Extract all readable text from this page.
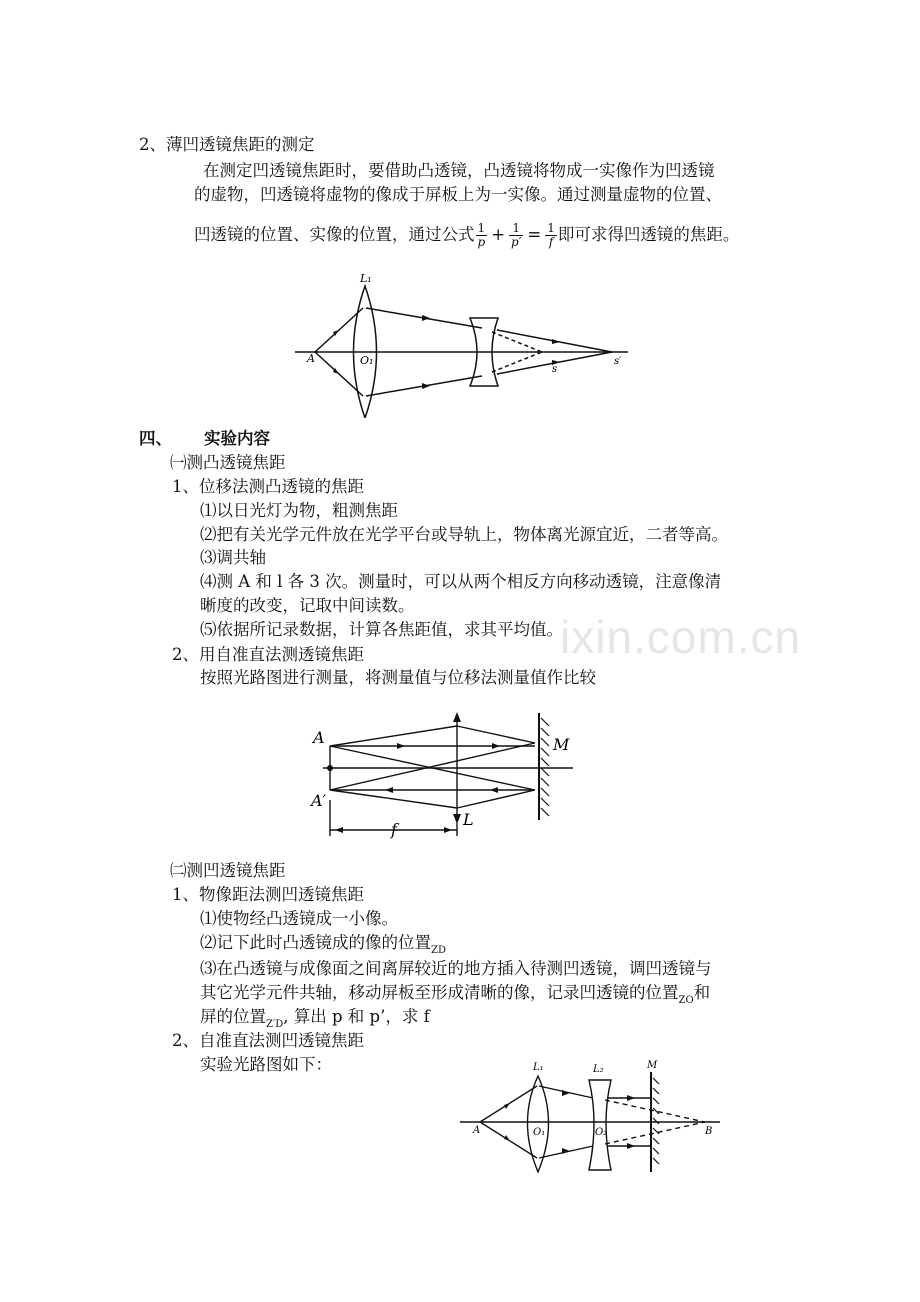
ixin.com.cn
2、薄凹透镜焦距的测定
在测定凹透镜焦距时，要借助凸透镜，凸透镜将物成一实像作为凹透镜
的虚物，凹透镜将虚物的像成于屏板上为一实像。通过测量虚物的位置、
凹透镜的位置、实像的位置，通过公式 $\frac{1}{p} + \frac{1}{p'} = \frac{1}{f}$ 即可求得凹透镜的焦距。
L₁
O₁
A
s
s′
四、 实验内容
㈠测凸透镜焦距
1、位移法测凸透镜的焦距
⑴以日光灯为物，粗测焦距
⑵把有关光学元件放在光学平台或导轨上，物体离光源宜近，二者等高。
⑶调共轴
⑷测 A 和 l 各 3 次。测量时，可以从两个相反方向移动透镜，注意像清
晰度的改变，记取中间读数。
⑸依据所记录数据，计算各焦距值，求其平均值。
2、用自准直法测透镜焦距
按照光路图进行测量，将测量值与位移法测量值作比较
A
A′
M
L
f
㈡测凹透镜焦距
1、物像距法测凹透镜焦距
⑴使物经凸透镜成一小像。
⑵记下此时凸透镜成的像的位置$_{ZD}$
⑶在凸透镜与成像面之间离屏较近的地方插入待测凹透镜，调凹透镜与
其它光学元件共轴，移动屏板至形成清晰的像，记录凹透镜的位置$_{ZO}$和
屏的位置$_{Z'D}$, 算出 p 和 p’，求 f
2、自准直法测凹透镜焦距
实验光路图如下：	L₁	L₂	M
A	O₁	O₂	B
